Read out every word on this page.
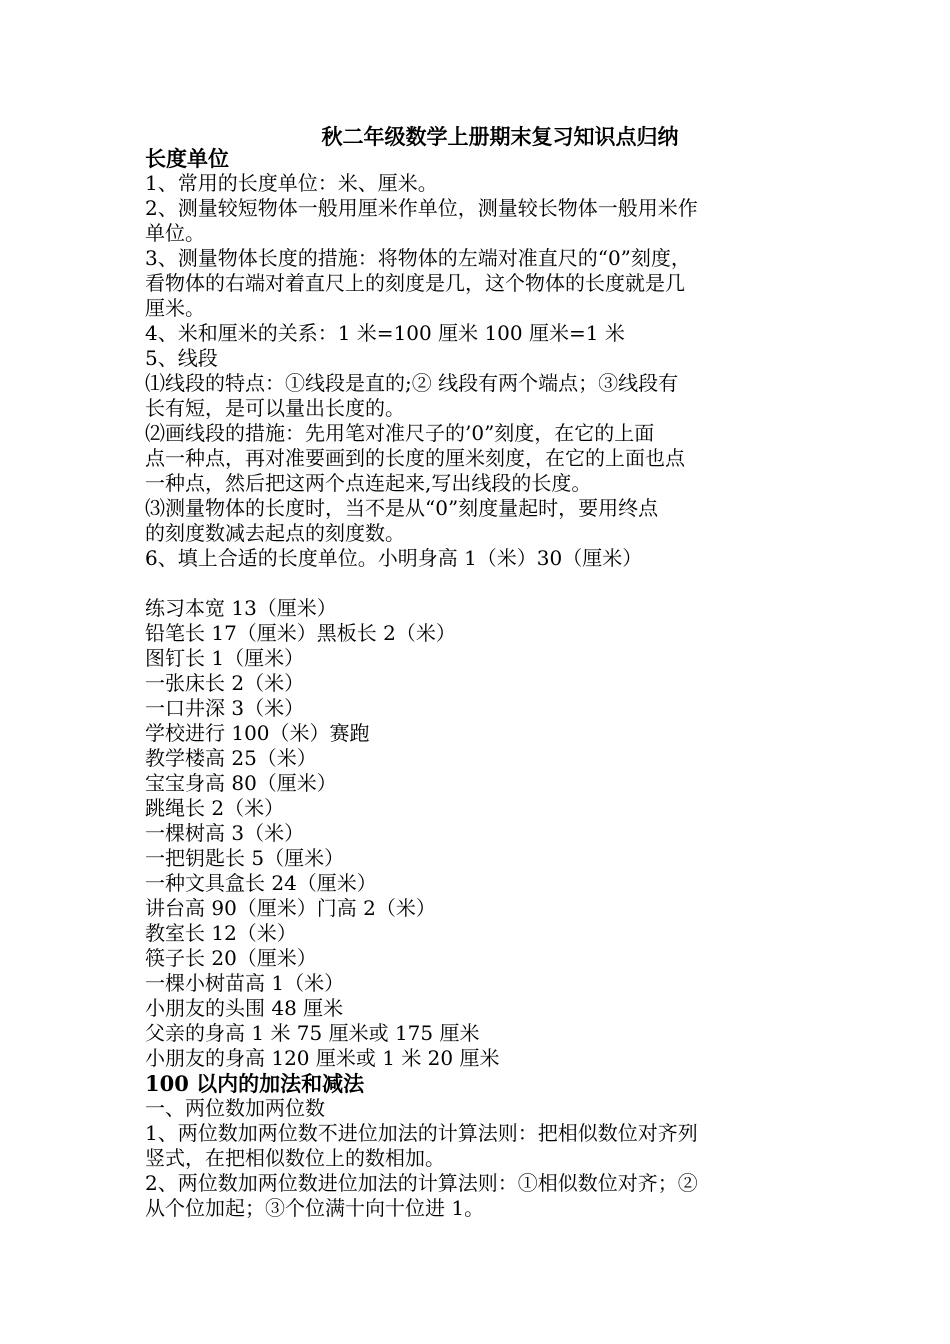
秋二年级数学上册期末复习知识点归纳
长度单位
1、常用的长度单位：米、厘米。
2、测量较短物体一般用厘米作单位，测量较长物体一般用米作
单位。
3、测量物体长度的措施：将物体的左端对准直尺的“0”刻度，
看物体的右端对着直尺上的刻度是几，这个物体的长度就是几
厘米。
4、米和厘米的关系：1 米=100 厘米 100 厘米=1 米
5、线段
⑴线段的特点：①线段是直的;② 线段有两个端点；③线段有
长有短，是可以量出长度的。
⑵画线段的措施：先用笔对准尺子的’0”刻度，在它的上面
点一种点，再对准要画到的长度的厘米刻度，在它的上面也点
一种点，然后把这两个点连起来,写出线段的长度。
⑶测量物体的长度时，当不是从“0”刻度量起时，要用终点
的刻度数减去起点的刻度数。
6、填上合适的长度单位。小明身高 1（米）30（厘米）
练习本宽 13（厘米）
铅笔长 17（厘米）黑板长 2（米）
图钉长 1（厘米）
一张床长 2（米）
一口井深 3（米）
学校进行 100（米）赛跑
教学楼高 25（米）
宝宝身高 80（厘米）
跳绳长 2（米）
一棵树高 3（米）
一把钥匙长 5（厘米）
一种文具盒长 24（厘米）
讲台高 90（厘米）门高 2（米）
教室长 12（米）
筷子长 20（厘米）
一棵小树苗高 1（米）
小朋友的头围 48 厘米
父亲的身高 1 米 75 厘米或 175 厘米
小朋友的身高 120 厘米或 1 米 20 厘米
100 以内的加法和减法
一、两位数加两位数
1、两位数加两位数不进位加法的计算法则：把相似数位对齐列
竖式，在把相似数位上的数相加。
2、两位数加两位数进位加法的计算法则：①相似数位对齐；②
从个位加起；③个位满十向十位进 1。
